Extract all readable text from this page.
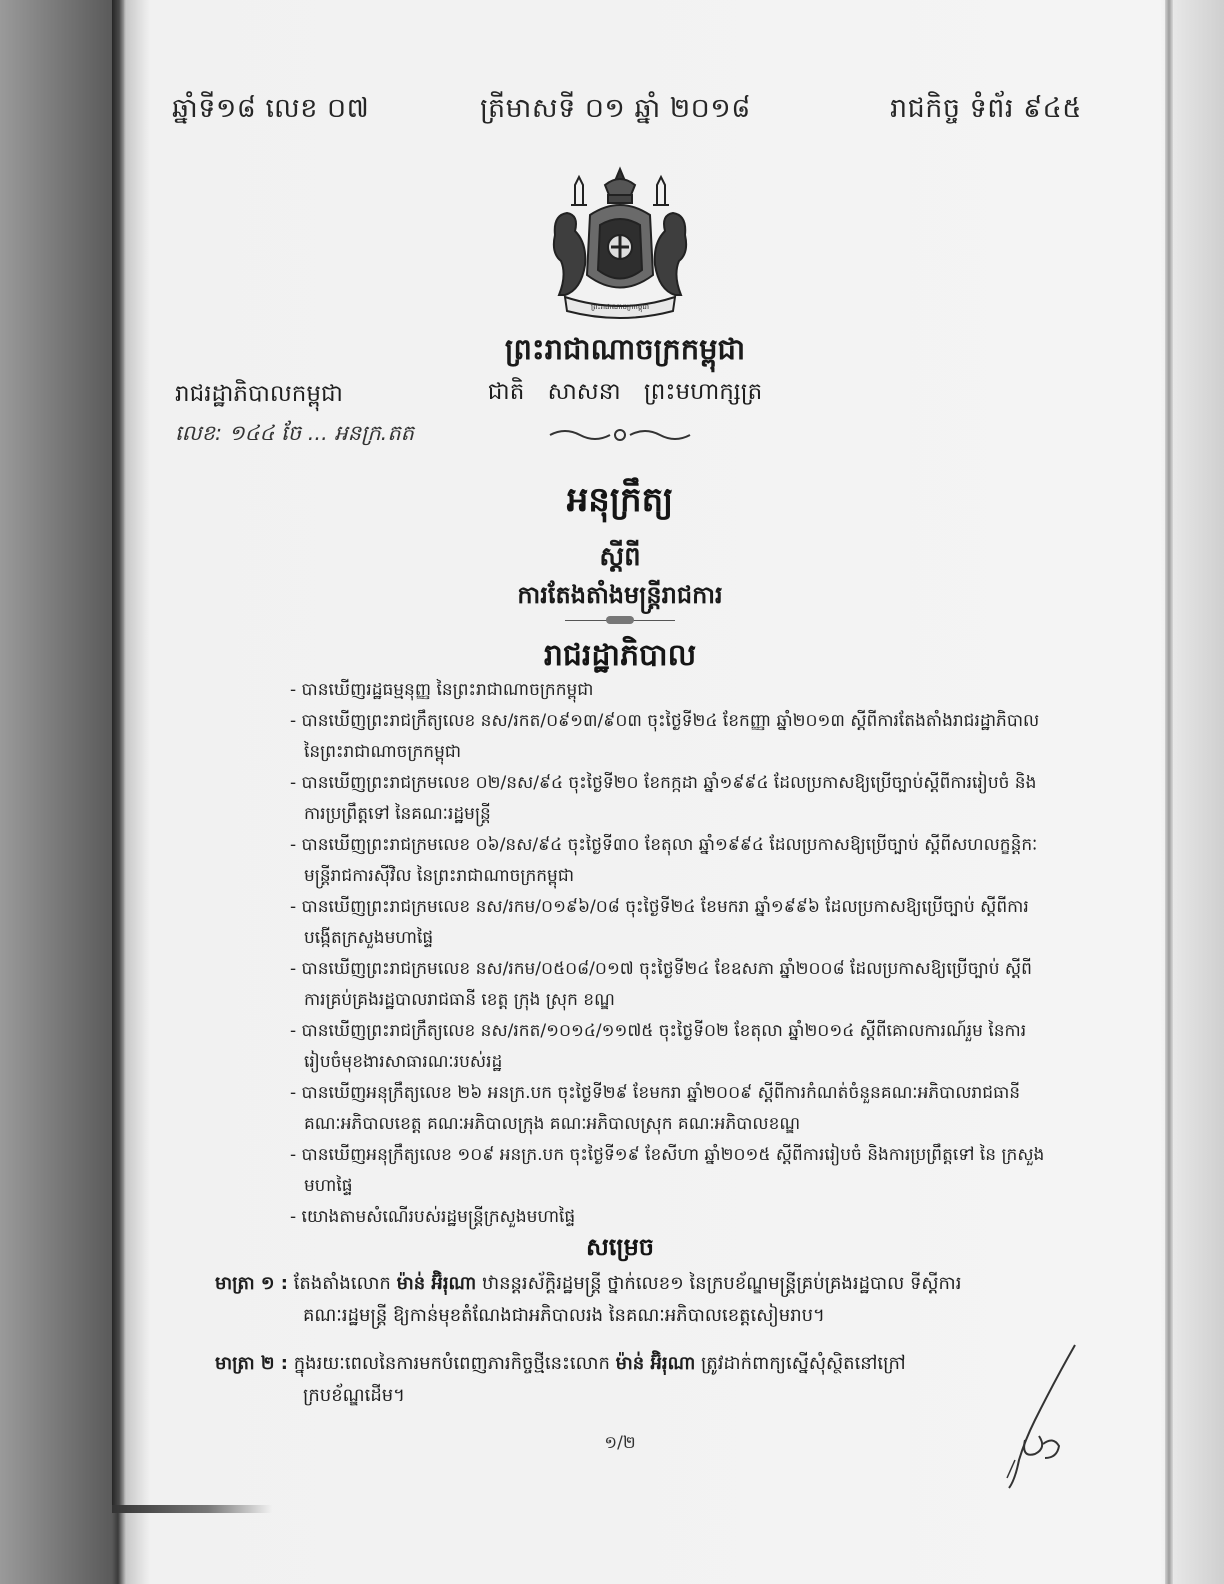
ឆ្នាំទី១៨ លេខ ០៧	ត្រីមាសទី ០១ ឆ្នាំ ២០១៨	រាជកិច្ច ទំព័រ ៩៤៥
ព្រះរាជាណាចក្រកម្ពុជា
ព្រះរាជាណាចក្រកម្ពុជា
ជាតិ សាសនា ព្រះមហាក្សត្រ
រាជរដ្ឋាភិបាលកម្ពុជា
លេខ: ១៤៤ ចែ ... អនក្រ.តត
អនុក្រឹត្យ
ស្តីពី
ការតែងតាំងមន្ត្រីរាជការ
រាជរដ្ឋាភិបាល
- បានឃើញរដ្ឋធម្មនុញ្ញ នៃព្រះរាជាណាចក្រកម្ពុជា
- បានឃើញព្រះរាជក្រឹត្យលេខ នស/រកត/០៩១៣/៩០៣ ចុះថ្ងៃទី២៤ ខែកញ្ញា ឆ្នាំ២០១៣ ស្តីពីការតែងតាំងរាជរដ្ឋាភិបាល នៃព្រះរាជាណាចក្រកម្ពុជា
- បានឃើញព្រះរាជក្រមលេខ ០២/នស/៩៤ ចុះថ្ងៃទី២០ ខែកក្កដា ឆ្នាំ១៩៩៤ ដែលប្រកាសឱ្យប្រើច្បាប់ស្តីពីការរៀបចំ និងការប្រព្រឹត្តទៅ នៃគណៈរដ្ឋមន្ត្រី
- បានឃើញព្រះរាជក្រមលេខ ០៦/នស/៩៤ ចុះថ្ងៃទី៣០ ខែតុលា ឆ្នាំ១៩៩៤ ដែលប្រកាសឱ្យប្រើច្បាប់ ស្តីពីសហលក្ខន្តិកៈ មន្ត្រីរាជការស៊ីវិល នៃព្រះរាជាណាចក្រកម្ពុជា
- បានឃើញព្រះរាជក្រមលេខ នស/រកម/០១៩៦/០៨ ចុះថ្ងៃទី២៤ ខែមករា ឆ្នាំ១៩៩៦ ដែលប្រកាសឱ្យប្រើច្បាប់ ស្តីពីការបង្កើតក្រសួងមហាផ្ទៃ
- បានឃើញព្រះរាជក្រមលេខ នស/រកម/០៥០៨/០១៧ ចុះថ្ងៃទី២៤ ខែឧសភា ឆ្នាំ២០០៨ ដែលប្រកាសឱ្យប្រើច្បាប់ ស្តីពីការគ្រប់គ្រងរដ្ឋបាលរាជធានី ខេត្ត ក្រុង ស្រុក ខណ្ឌ
- បានឃើញព្រះរាជក្រឹត្យលេខ នស/រកត/១០១៤/១១៧៥ ចុះថ្ងៃទី០២ ខែតុលា ឆ្នាំ២០១៤ ស្តីពីគោលការណ៍រួម នៃការ រៀបចំមុខងារសាធារណៈរបស់រដ្ឋ
- បានឃើញអនុក្រឹត្យលេខ ២៦ អនក្រ.បក ចុះថ្ងៃទី២៩ ខែមករា ឆ្នាំ២០០៩ ស្តីពីការកំណត់ចំនួនគណៈអភិបាលរាជធានី គណៈអភិបាលខេត្ត គណៈអភិបាលក្រុង គណៈអភិបាលស្រុក គណៈអភិបាលខណ្ឌ
- បានឃើញអនុក្រឹត្យលេខ ១០៩ អនក្រ.បក ចុះថ្ងៃទី១៩ ខែសីហា ឆ្នាំ២០១៥ ស្តីពីការរៀបចំ និងការប្រព្រឹត្តទៅ នៃ ក្រសួងមហាផ្ទៃ
- យោងតាមសំណើរបស់រដ្ឋមន្ត្រីក្រសួងមហាផ្ទៃ
សម្រេច
មាត្រា ១ : តែងតាំងលោក ម៉ាន់ អ៊ិរុណា ឋានន្តរស័ក្តិរដ្ឋមន្ត្រី ថ្នាក់លេខ១ នៃក្របខ័ណ្ឌមន្ត្រីគ្រប់គ្រងរដ្ឋបាល ទីស្តីការ
គណៈរដ្ឋមន្ត្រី ឱ្យកាន់មុខតំណែងជាអភិបាលរង នៃគណៈអភិបាលខេត្តសៀមរាប។
មាត្រា ២ : ក្នុងរយៈពេលនៃការមកបំពេញភារកិច្ចថ្មីនេះលោក ម៉ាន់ អ៊ិរុណា ត្រូវដាក់ពាក្យស្នើសុំស្ថិតនៅក្រៅ
ក្របខ័ណ្ឌដើម។
១/២
